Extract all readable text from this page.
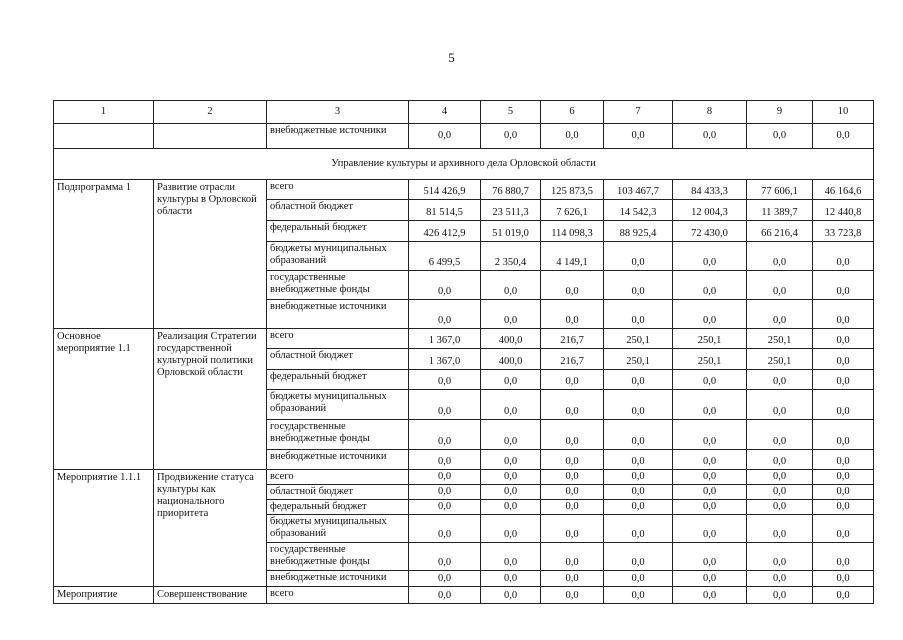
5
1	2	3	4	5	6	7	8	9	10
		внебюджетные источники	0,0	0,0	0,0	0,0	0,0	0,0	0,0
Управление культуры и архивного дела Орловской области									
Подпрограмма 1	Развитие отрасли культуры в Орловской области	всего	514 426,9	76 880,7	125 873,5	103 467,7	84 433,3	77 606,1	46 164,6
		областной бюджет	81 514,5	23 511,3	7 626,1	14 542,3	12 004,3	11 389,7	12 440,8
		федеральный бюджет	426 412,9	51 019,0	114 098,3	88 925,4	72 430,0	66 216,4	33 723,8
		бюджеты муниципальных образований	6 499,5	2 350,4	4 149,1	0,0	0,0	0,0	0,0
		государственные внебюджетные фонды	0,0	0,0	0,0	0,0	0,0	0,0	0,0
		внебюджетные источники	0,0	0,0	0,0	0,0	0,0	0,0	0,0
Основное мероприятие 1.1	Реализация Стратегии государственной культурной политики Орловской области	всего	1 367,0	400,0	216,7	250,1	250,1	250,1	0,0
		областной бюджет	1 367,0	400,0	216,7	250,1	250,1	250,1	0,0
		федеральный бюджет	0,0	0,0	0,0	0,0	0,0	0,0	0,0
		бюджеты муниципальных образований	0,0	0,0	0,0	0,0	0,0	0,0	0,0
		государственные внебюджетные фонды	0,0	0,0	0,0	0,0	0,0	0,0	0,0
		внебюджетные источники	0,0	0,0	0,0	0,0	0,0	0,0	0,0
Мероприятие 1.1.1	Продвижение статуса культуры как национального приоритета	всего	0,0	0,0	0,0	0,0	0,0	0,0	0,0
		областной бюджет	0,0	0,0	0,0	0,0	0,0	0,0	0,0
		федеральный бюджет	0,0	0,0	0,0	0,0	0,0	0,0	0,0
		бюджеты муниципальных образований	0,0	0,0	0,0	0,0	0,0	0,0	0,0
		государственные внебюджетные фонды	0,0	0,0	0,0	0,0	0,0	0,0	0,0
		внебюджетные источники	0,0	0,0	0,0	0,0	0,0	0,0	0,0
Мероприятие	Совершенствование	всего	0,0	0,0	0,0	0,0	0,0	0,0	0,0
